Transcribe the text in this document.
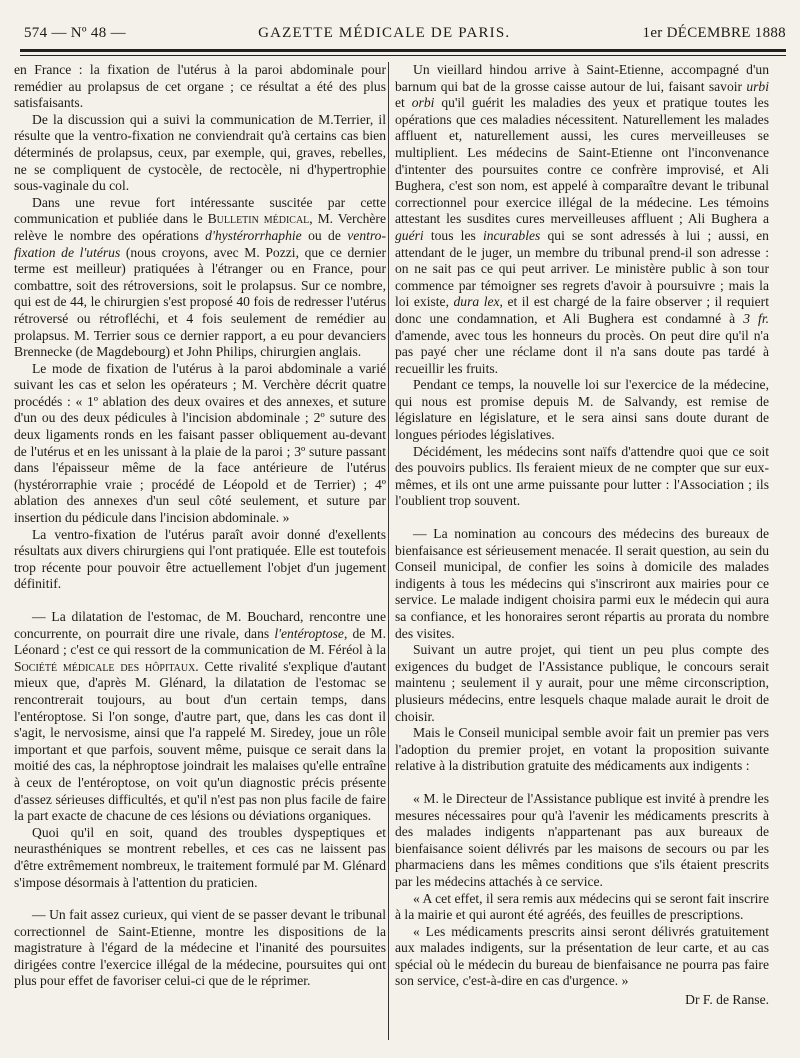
574 — Nº 48 —	GAZETTE MÉDICALE DE PARIS.	1er DÉCEMBRE 1888

en France : la fixation de l'utérus à la paroi abdominale pour remédier au prolapsus de cet organe ; ce résultat a été des plus satisfaisants.

De la discussion qui a suivi la communication de M.Terrier, il résulte que la ventro-fixation ne conviendrait qu'à certains cas bien déterminés de prolapsus, ceux, par exemple, qui, graves, rebelles, ne se compliquent de cystocèle, de rectocèle, ni d'hypertrophie sous-vaginale du col.

Dans une revue fort intéressante suscitée par cette communication et publiée dans le Bulletin médical, M. Verchère relève le nombre des opérations d'hystérorrhaphie ou de ventro-fixation de l'utérus (nous croyons, avec M. Pozzi, que ce dernier terme est meilleur) pratiquées à l'étranger ou en France, pour combattre, soit des rétroversions, soit le prolapsus. Sur ce nombre, qui est de 44, le chirurgien s'est proposé 40 fois de redresser l'utérus rétroversé ou rétrofléchi, et 4 fois seulement de remédier au prolapsus. M. Terrier sous ce dernier rapport, a eu pour devanciers Brennecke (de Magdebourg) et John Philips, chirurgien anglais.

Le mode de fixation de l'utérus à la paroi abdominale a varié suivant les cas et selon les opérateurs ; M. Verchère décrit quatre procédés : « 1º ablation des deux ovaires et des annexes, et suture d'un ou des deux pédicules à l'incision abdominale ; 2º suture des deux ligaments ronds en les faisant passer obliquement au-devant de l'utérus et en les unissant à la plaie de la paroi ; 3º suture passant dans l'épaisseur même de la face antérieure de l'utérus (hystérorraphie vraie ; procédé de Léopold et de Terrier) ; 4º ablation des annexes d'un seul côté seulement, et suture par insertion du pédicule dans l'incision abdominale. »

La ventro-fixation de l'utérus paraît avoir donné d'exellents résultats aux divers chirurgiens qui l'ont pratiquée. Elle est toutefois trop récente pour pouvoir être actuellement l'objet d'un jugement définitif.

— La dilatation de l'estomac, de M. Bouchard, rencontre une concurrente, on pourrait dire une rivale, dans l'entéroptose, de M. Léonard ; c'est ce qui ressort de la communication de M. Féréol à la Société médicale des hôpitaux. Cette rivalité s'explique d'autant mieux que, d'après M. Glénard, la dilatation de l'estomac se rencontrerait toujours, au bout d'un certain temps, dans l'entéroptose. Si l'on songe, d'autre part, que, dans les cas dont il s'agit, le nervosisme, ainsi que l'a rappelé M. Siredey, joue un rôle important et que parfois, souvent même, puisque ce serait dans la moitié des cas, la néphroptose joindrait les malaises qu'elle entraîne à ceux de l'entéroptose, on voit qu'un diagnostic précis présente d'assez sérieuses difficultés, et qu'il n'est pas non plus facile de faire la part exacte de chacune de ces lésions ou déviations organiques.

Quoi qu'il en soit, quand des troubles dyspeptiques et neurasthéniques se montrent rebelles, et ces cas ne laissent pas d'être extrêmement nombreux, le traitement formulé par M. Glénard s'impose désormais à l'attention du praticien.

— Un fait assez curieux, qui vient de se passer devant le tribunal correctionnel de Saint-Etienne, montre les dispositions de la magistrature à l'égard de la médecine et l'inanité des poursuites dirigées contre l'exercice illégal de la médecine, poursuites qui ont plus pour effet de favoriser celui-ci que de le réprimer.

Un vieillard hindou arrive à Saint-Etienne, accompagné d'un barnum qui bat de la grosse caisse autour de lui, faisant savoir urbi et orbi qu'il guérit les maladies des yeux et pratique toutes les opérations que ces maladies nécessitent. Naturellement les malades affluent et, naturellement aussi, les cures merveilleuses se multiplient. Les médecins de Saint-Etienne ont l'inconvenance d'intenter des poursuites contre ce confrère improvisé, et Ali Bughera, c'est son nom, est appelé à comparaître devant le tribunal correctionnel pour exercice illégal de la médecine. Les témoins attestant les susdites cures merveilleuses affluent ; Ali Bughera a guéri tous les incurables qui se sont adressés à lui ; aussi, en attendant de le juger, un membre du tribunal prend-il son adresse : on ne sait pas ce qui peut arriver. Le ministère public à son tour commence par témoigner ses regrets d'avoir à poursuivre ; mais la loi existe, dura lex, et il est chargé de la faire observer ; il requiert donc une condamnation, et Ali Bughera est condamné à 3 fr. d'amende, avec tous les honneurs du procès. On peut dire qu'il n'a pas payé cher une réclame dont il n'a sans doute pas tardé à recueillir les fruits.

Pendant ce temps, la nouvelle loi sur l'exercice de la médecine, qui nous est promise depuis M. de Salvandy, est remise de législature en législature, et le sera ainsi sans doute durant de longues périodes législatives.

Décidément, les médecins sont naïfs d'attendre quoi que ce soit des pouvoirs publics. Ils feraient mieux de ne compter que sur eux-mêmes, et ils ont une arme puissante pour lutter : l'Association ; ils l'oublient trop souvent.

— La nomination au concours des médecins des bureaux de bienfaisance est sérieusement menacée. Il serait question, au sein du Conseil municipal, de confier les soins à domicile des malades indigents à tous les médecins qui s'inscriront aux mairies pour ce service. Le malade indigent choisira parmi eux le médecin qui aura sa confiance, et les honoraires seront répartis au prorata du nombre des visites.

Suivant un autre projet, qui tient un peu plus compte des exigences du budget de l'Assistance publique, le concours serait maintenu ; seulement il y aurait, pour une même circonscription, plusieurs médecins, entre lesquels chaque malade aurait le droit de choisir.

Mais le Conseil municipal semble avoir fait un premier pas vers l'adoption du premier projet, en votant la proposition suivante relative à la distribution gratuite des médicaments aux indigents :

« M. le Directeur de l'Assistance publique est invité à prendre les mesures nécessaires pour qu'à l'avenir les médicaments prescrits à des malades indigents n'appartenant pas aux bureaux de bienfaisance soient délivrés par les maisons de secours ou par les pharmaciens dans les mêmes conditions que s'ils étaient prescrits par les médecins attachés à ce service.

« A cet effet, il sera remis aux médecins qui se seront fait inscrire à la mairie et qui auront été agréés, des feuilles de prescriptions.

« Les médicaments prescrits ainsi seront délivrés gratuitement aux malades indigents, sur la présentation de leur carte, et au cas spécial où le médecin du bureau de bienfaisance ne pourra pas faire son service, c'est-à-dire en cas d'urgence. »

Dr F. de Ranse.
